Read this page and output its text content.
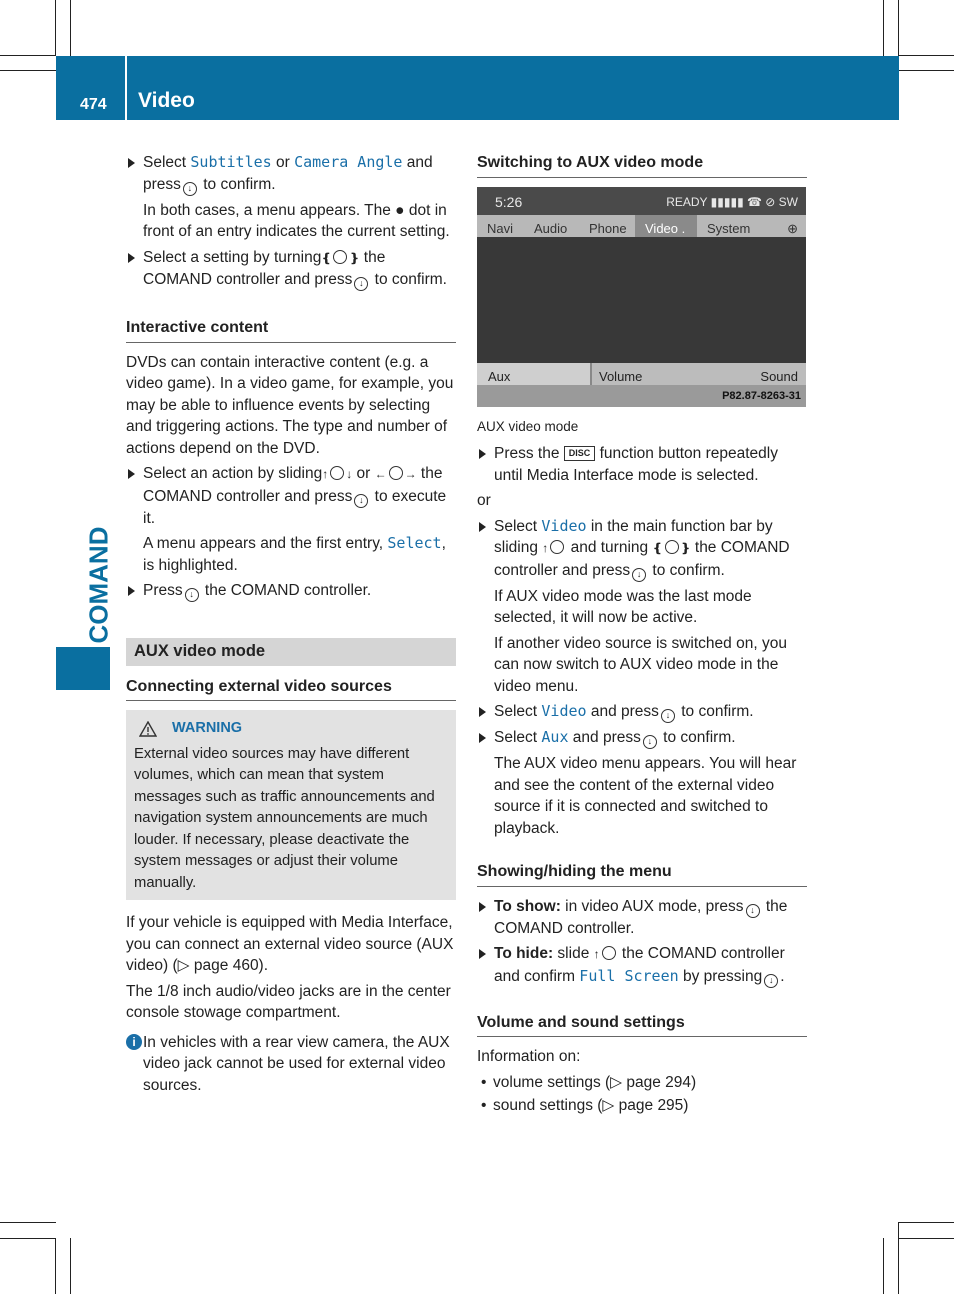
474 Video
COMAND
Select Subtitles or Camera Angle and press ↓ to confirm.
In both cases, a menu appears. The ● dot in front of an entry indicates the current setting.
Select a setting by turning❴ ❵ the COMAND controller and press ↓ to confirm.
Interactive content
DVDs can contain interactive content (e.g. a video game). In a video game, for example, you may be able to influence events by selecting and triggering actions. The type and number of actions depend on the DVD.
Select an action by sliding↑ ↓ or ← → the COMAND controller and press ↓ to execute it.
A menu appears and the first entry, Select, is highlighted.
Press ↓ the COMAND controller.
AUX video mode
Connecting external video sources
WARNING
External video sources may have different volumes, which can mean that system messages such as traffic announcements and navigation system announcements are much louder. If necessary, please deactivate the system messages or adjust their volume manually.
If your vehicle is equipped with Media Interface, you can connect an external video source (AUX video) (▷ page 460).
The 1/8 inch audio/video jacks are in the center console stowage compartment.
i In vehicles with a rear view camera, the AUX video jack cannot be used for external video sources.
Switching to AUX video mode
5:26	READY ▮▮▮▮▮ ☎ ⊘ SW
Navi Audio Phone	Video .	System	⊕
Aux	Volume	Sound
P82.87-8263-31
AUX video mode
Press the DISC function button repeatedly until Media Interface mode is selected.
or
Select Video in the main function bar by sliding ↑ and turning ❴ ❵ the COMAND controller and press ↓ to confirm.
If AUX video mode was the last mode selected, it will now be active.
If another video source is switched on, you can now switch to AUX video mode in the video menu.
Select Video and press ↓ to confirm.
Select Aux and press ↓ to confirm.
The AUX video menu appears. You will hear and see the content of the external video source if it is connected and switched to playback.
Showing/hiding the menu
To show: in video AUX mode, press ↓ the COMAND controller.
To hide: slide ↑ the COMAND controller and confirm Full Screen by pressing ↓ .
Volume and sound settings
Information on:
• volume settings (▷ page 294)
• sound settings (▷ page 295)
